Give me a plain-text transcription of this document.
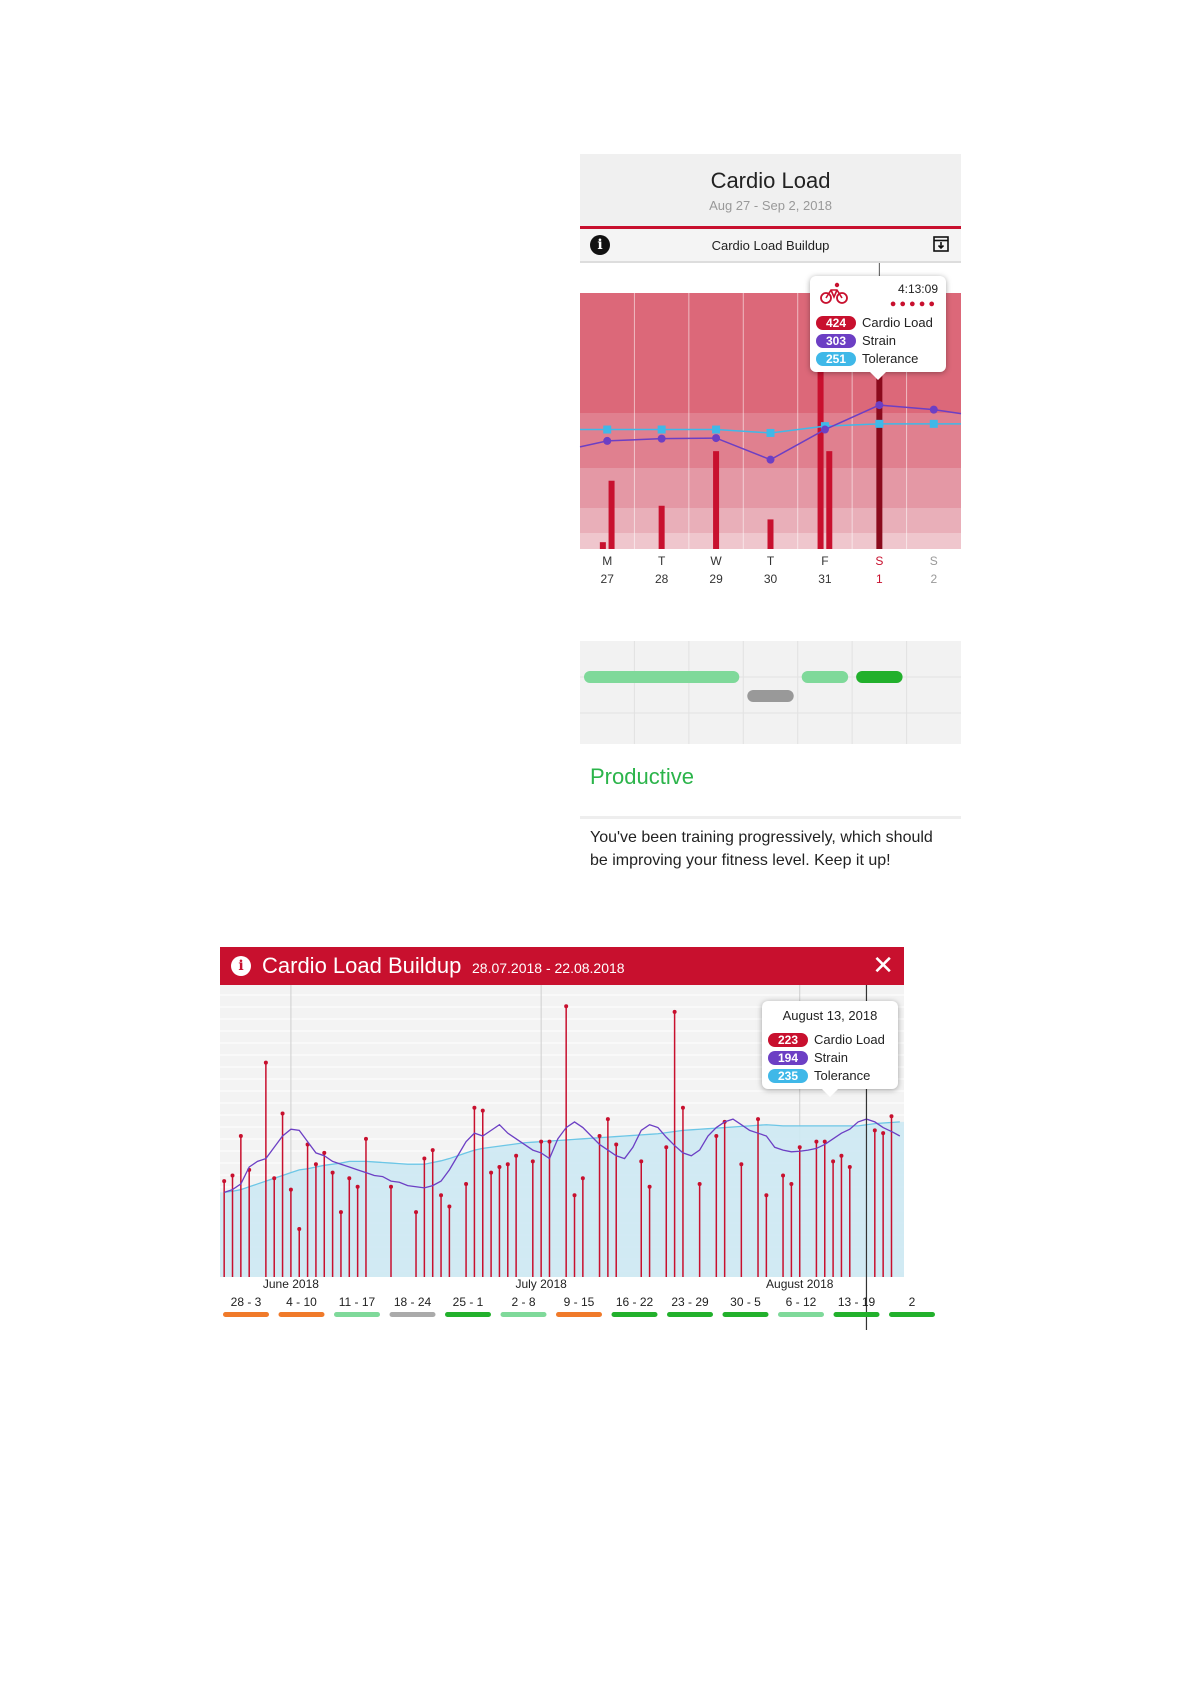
Cardio Load
Aug 27 - Sep 2, 2018
i	Cardio Load Buildup
M
27
T
28
W
29
T
30
F
31
S
1
S
2
4:13:09
●●●●●
424 Cardio Load
303 Strain
251 Tolerance
Productive
You've been training progressively, which should be improving your fitness level. Keep it up!
i Cardio Load Buildup 28.07.2018 - 22.08.2018	✕
June 2018	July 2018	August 2018
28 - 3 4 - 10 11 - 17 18 - 24 25 - 1 2 - 8 9 - 15 16 - 22 23 - 29 30 - 5 6 - 12 13 - 19	2
August 13, 2018
223 Cardio Load
194 Strain
235 Tolerance
